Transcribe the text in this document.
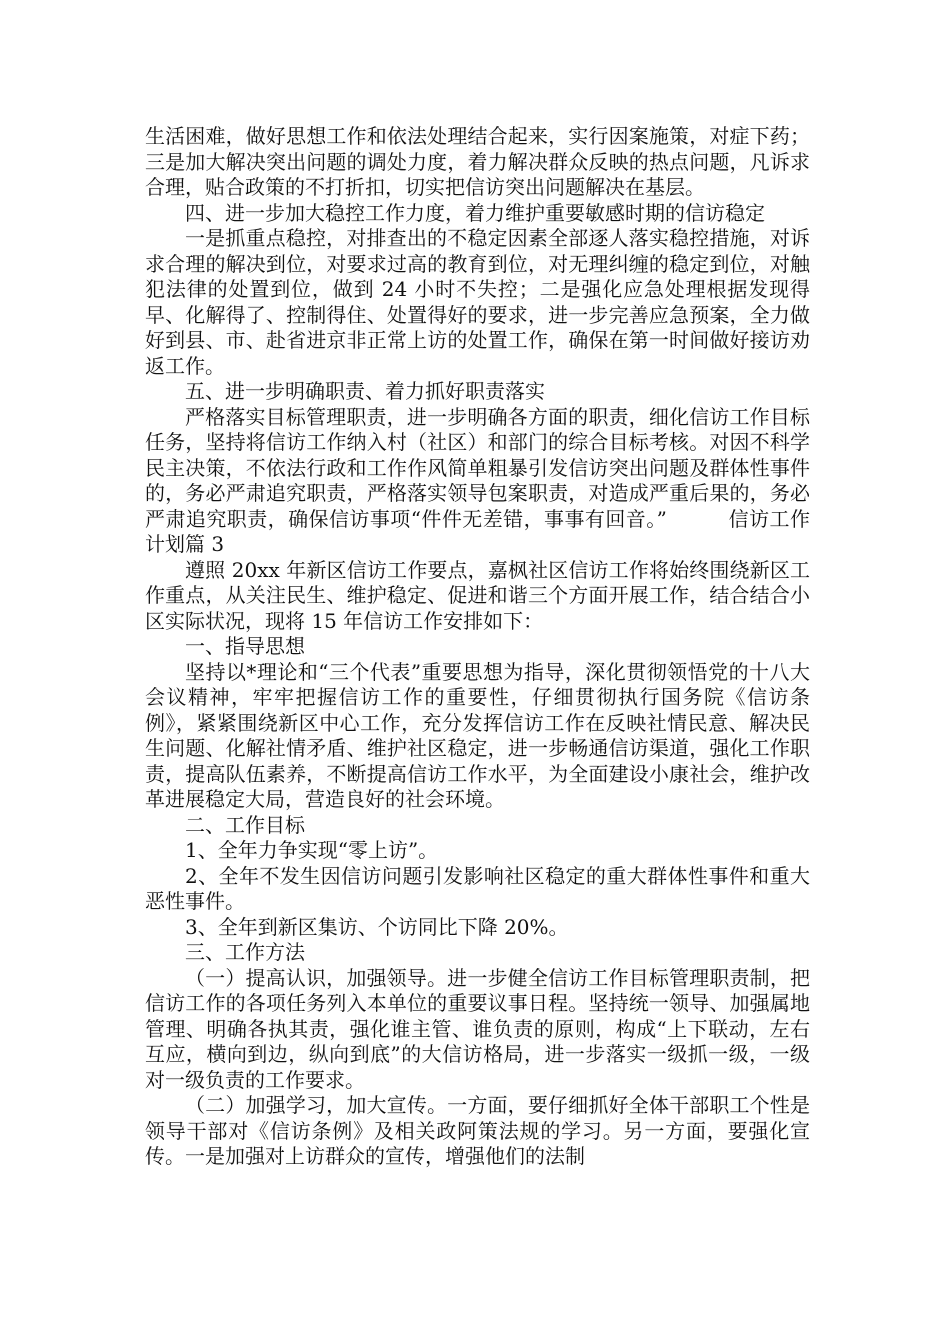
生活困难，做好思想工作和依法处理结合起来，实行因案施策，对症下药；三是加大解决突出问题的调处力度，着力解决群众反映的热点问题，凡诉求合理，贴合政策的不打折扣，切实把信访突出问题解决在基层。

四、进一步加大稳控工作力度，着力维护重要敏感时期的信访稳定

一是抓重点稳控，对排查出的不稳定因素全部逐人落实稳控措施，对诉求合理的解决到位，对要求过高的教育到位，对无理纠缠的稳定到位，对触犯法律的处置到位，做到 24 小时不失控；二是强化应急处理根据发现得早、化解得了、控制得住、处置得好的要求，进一步完善应急预案，全力做好到县、市、赴省进京非正常上访的处置工作，确保在第一时间做好接访劝返工作。

五、进一步明确职责、着力抓好职责落实

严格落实目标管理职责，进一步明确各方面的职责，细化信访工作目标任务，坚持将信访工作纳入村（社区）和部门的综合目标考核。对因不科学民主决策，不依法行政和工作作风简单粗暴引发信访突出问题及群体性事件的，务必严肃追究职责，严格落实领导包案职责，对造成严重后果的，务必严肃追究职责，确保信访事项“件件无差错，事事有回音。”　　　信访工作计划篇 3

遵照 20xx 年新区信访工作要点，嘉枫社区信访工作将始终围绕新区工作重点，从关注民生、维护稳定、促进和谐三个方面开展工作，结合结合小区实际状况，现将 15 年信访工作安排如下：

一、指导思想

坚持以*理论和“三个代表”重要思想为指导，深化贯彻领悟党的十八大会议精神，牢牢把握信访工作的重要性，仔细贯彻执行国务院《信访条例》，紧紧围绕新区中心工作，充分发挥信访工作在反映社情民意、解决民生问题、化解社情矛盾、维护社区稳定，进一步畅通信访渠道，强化工作职责，提高队伍素养，不断提高信访工作水平，为全面建设小康社会，维护改革进展稳定大局，营造良好的社会环境。

二、工作目标

1、全年力争实现“零上访”。

2、全年不发生因信访问题引发影响社区稳定的重大群体性事件和重大恶性事件。

3、全年到新区集访、个访同比下降 20%。

三、工作方法

（一）提高认识，加强领导。进一步健全信访工作目标管理职责制，把信访工作的各项任务列入本单位的重要议事日程。坚持统一领导、加强属地管理、明确各执其责，强化谁主管、谁负责的原则，构成“上下联动，左右互应，横向到边，纵向到底”的大信访格局，进一步落实一级抓一级，一级对一级负责的工作要求。

（二）加强学习，加大宣传。一方面，要仔细抓好全体干部职工个性是领导干部对《信访条例》及相关政阿策法规的学习。另一方面，要强化宣传。一是加强对上访群众的宣传，增强他们的法制
